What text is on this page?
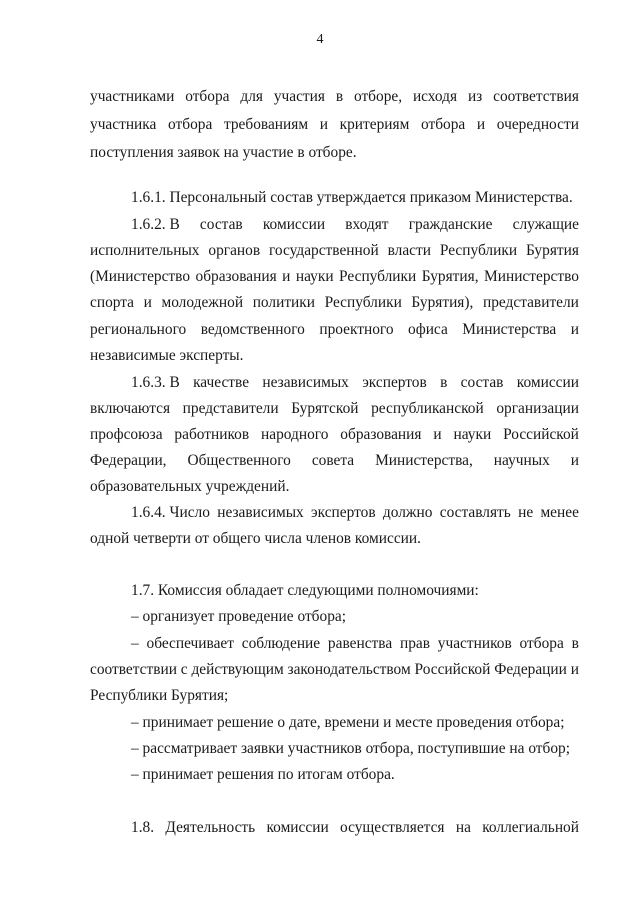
4
участниками отбора для участия в отборе, исходя из соответствия
участника отбора требованиям и критериям отбора и очередности
поступления заявок на участие в отборе.
1.6.1. Персональный состав утверждается приказом Министерства.
1.6.2. В состав комиссии входят гражданские служащие
исполнительных органов государственной власти Республики Бурятия
(Министерство образования и науки Республики Бурятия, Министерство
спорта и молодежной политики Республики Бурятия), представители
регионального ведомственного проектного офиса Министерства и
независимые эксперты.
1.6.3. В качестве независимых экспертов в состав комиссии
включаются представители Бурятской республиканской организации
профсоюза работников народного образования и науки Российской
Федерации, Общественного совета Министерства, научных и
образовательных учреждений.
1.6.4. Число независимых экспертов должно составлять не менее
одной четверти от общего числа членов комиссии.
1.7. Комиссия обладает следующими полномочиями:
– организует проведение отбора;
– обеспечивает соблюдение равенства прав участников отбора в
соответствии с действующим законодательством Российской Федерации и
Республики Бурятия;
– принимает решение о дате, времени и месте проведения отбора;
– рассматривает заявки участников отбора, поступившие на отбор;
– принимает решения по итогам отбора.
1.8. Деятельность комиссии осуществляется на коллегиальной
